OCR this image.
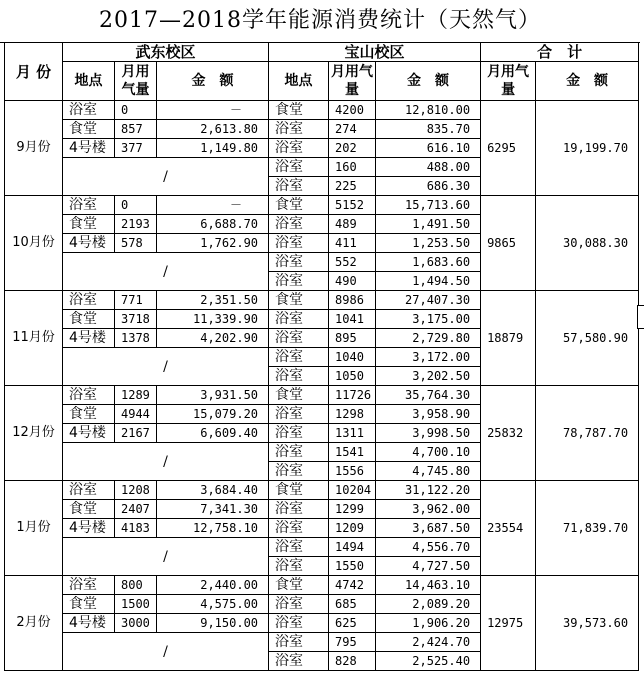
2017—2018学年能源消费统计（天然气）
月 份	武东校区			宝山校区			合　计	
	地点	月用气量	金　额	地点	月用气量	金　额	月用气量	金　额
9月份	浴室	0	－	食堂	4200	12,810.00	6295	19,199.70
	食堂	857	2,613.80	浴室	274	835.70		
	4号楼	377	1,149.80	浴室	202	616.10		
	/			浴室	160	488.00		
				浴室	225	686.30		
10月份	浴室	0	－	食堂	5152	15,713.60	9865	30,088.30
	食堂	2193	6,688.70	浴室	489	1,491.50		
	4号楼	578	1,762.90	浴室	411	1,253.50		
	/			浴室	552	1,683.60		
				浴室	490	1,494.50		
11月份	浴室	771	2,351.50	食堂	8986	27,407.30	18879	57,580.90
	食堂	3718	11,339.90	浴室	1041	3,175.00		
	4号楼	1378	4,202.90	浴室	895	2,729.80		
	/			浴室	1040	3,172.00		
				浴室	1050	3,202.50		
12月份	浴室	1289	3,931.50	食堂	11726	35,764.30	25832	78,787.70
	食堂	4944	15,079.20	浴室	1298	3,958.90		
	4号楼	2167	6,609.40	浴室	1311	3,998.50		
	/			浴室	1541	4,700.10		
				浴室	1556	4,745.80		
1月份	浴室	1208	3,684.40	食堂	10204	31,122.20	23554	71,839.70
	食堂	2407	7,341.30	浴室	1299	3,962.00		
	4号楼	4183	12,758.10	浴室	1209	3,687.50		
	/			浴室	1494	4,556.70		
				浴室	1550	4,727.50		
2月份	浴室	800	2,440.00	食堂	4742	14,463.10	12975	39,573.60
	食堂	1500	4,575.00	浴室	685	2,089.20		
	4号楼	3000	9,150.00	浴室	625	1,906.20		
	/			浴室	795	2,424.70		
				浴室	828	2,525.40		
